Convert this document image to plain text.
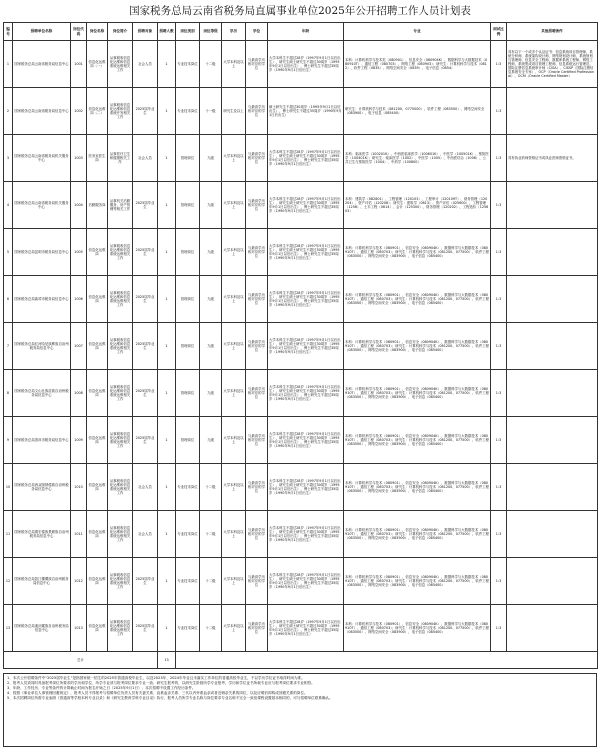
国家税务总局云南省税务局直属事业单位2025年公开招聘工作人员计划表
编号	招聘单位名称	岗位代码	岗位名称	岗位简介	招聘对象	招聘人数	岗位类别	岗位等级	学历	学位	年龄	专业	面试比例	其他招聘条件
1	国家税务总局云南省税务局信息中心	1001	信息化运维岗（一）	从事税收信息化运维和信息系统运维相关工作	社会人员	1	专业技术岗位	十二级	大学本科及以上	与最高学历相对应的学位	大学本科生不超过28岁（1997年9月1日以后出生），研究生硕士研究生不超过30周岁（1995年9月1日以后出生），博士研究生不超过35周岁（1990年9月1日后出生）	本科：计算机科学与技术类（080901）、信息安全（080904K）、数据科学与大数据技术（080910T）、通信工程（080703）、网络工程（080903）；研究生：计算机科学与技术（0812）、软件工程（0835）、网络空间安全（0839）、电子信息（0854）	1:3	具有以下一个或多个认证证书：信息系统项目管理师、系统分析师、系统架构设计师、网络规划设计师、系统规划与管理师、信息安全工程师、数据库系统工程师、网络工程师、系统集成项目管理工程师、信息系统运行管理员、国际注册信息系统审计师（CISA）、CISSP（国际注册信息系统安全专家）、OCP（Oracle Certified Professional）、OCM（Oracle Certified Master）
2	国家税务总局云南省税务局信息中心	1002	信息化运维岗（二）	从事税收信息化运维和信息系统开发相关工作	2025届毕业生	1	专业技术岗位	十一级	研究生及以上	与最高学历相对应的学位	硕士研究生不超过30周岁（1995年9月1日以后出生），博士研究生不超过35周岁（1990年9月1日后出生）	研究生：计算机科学与技术（081200、0775000）、软件工程（083500）、网络空间安全（083900）、电子信息（085400）	1:3	
3	国家税务总局云南省税务局机关服务中心	1003	医务室医生岗	从事医疗卫生和健康相关工作	社会人员	1	管理岗位	九级	大学本科及以上	与最高学历相对应的学位	大学本科生不超过28岁（1997年9月1日以后出生），研究生硕士研究生不超过30周岁（1995年9月1日以后出生），博士研究生不超过35周岁（1990年9月1日后出生）	本科：临床医学（100201K）、中西医临床医学（100601K）、中医学（100501K）、预防医学（100401K）；研究生：临床医学（1002）、中医学（1005）、中西医结合（1006）、公共卫生与预防医学（1004）、中药学（100800）	1:3	具有执业药师资格证书或执业医师资格证书。
4	国家税务总局云南省税务局机关服务中心	1004	后勤服务岗	从事机关后勤服务、房产管理等相关工作	2025届毕业生	1	管理岗位	九级	大学本科及以上	与最高学历相对应的学位	大学本科生不超过28岁（1997年9月1日以后出生），研究生硕士研究生不超过30周岁（1995年9月1日以后出生），博士研究生不超过35周岁（1990年9月1日后出生）	本科：建筑学（082801）、工程管理（120103）、工程审计（120109T）、财务管理（120204）、资产评估（120208）；研究生：建筑学（0813）、资产评估（025600）、工程管理（1256）、土木工程（0814）、会计（125300）、财务管理（120202）、工程造价（125603）	1:3	
5	国家税务总局昆明市税务局信息中心	1005	信息化运维岗	从事税收信息化运维和信息系统运维相关工作	2025届毕业生	1	管理岗位	九级	大学本科及以上	与最高学历相对应的学位	大学本科生不超过28岁（1997年9月1日以后出生），研究生硕士研究生不超过30周岁（1995年9月1日以后出生），博士研究生不超过35周岁（1990年9月1日后出生）	本科：计算机科学与技术（080901）、信息安全（080904K）、数据科学与大数据技术（080910T）、通信工程（080703）；研究生：计算机科学与技术（081200、077500）、软件工程（083500）、网络空间安全（083900）、电子信息（085400）	1:3	
6	国家税务总局曲靖市税务局信息中心	1006	信息化运维岗	从事税收信息化运维和信息系统运维相关工作	2025届毕业生	1	管理岗位	九级	大学本科及以上	与最高学历相对应的学位	大学本科生不超过28岁（1997年9月1日以后出生），研究生硕士研究生不超过30周岁（1995年9月1日以后出生），博士研究生不超过35周岁（1990年9月1日后出生）	本科：计算机科学与技术（080901）、信息安全（080904K）、数据科学与大数据技术（080910T）、通信工程（080703）；研究生：计算机科学与技术（081200、077500）、软件工程（083500）、网络空间安全（083900）、电子信息（085400）	1:3	
7	国家税务总局红河哈尼族彝族自治州税务局信息中心	1007	信息化运维岗	从事税收信息化运维和信息系统运维相关工作	2025届毕业生	1	管理岗位	九级	大学本科及以上	与最高学历相对应的学位	大学本科生不超过28岁（1997年9月1日以后出生），研究生硕士研究生不超过30周岁（1995年9月1日以后出生），博士研究生不超过35周岁（1990年9月1日后出生）	本科：计算机科学与技术（080901）、信息安全（080904K）、数据科学与大数据技术（080910T）、通信工程（080703）；研究生：计算机科学与技术（081200、077500）、软件工程（083500）、网络空间安全（083900）、电子信息（085400）	1:3	
8	国家税务总局文山壮族苗族自治州税务局信息中心	1008	信息化运维岗	从事税收信息化运维和信息系统运维相关工作	2025届毕业生	1	管理岗位	九级	大学本科及以上	与最高学历相对应的学位	大学本科生不超过28岁（1997年9月1日以后出生），研究生硕士研究生不超过30周岁（1995年9月1日以后出生），博士研究生不超过35周岁（1990年9月1日后出生）	本科：计算机科学与技术（080901）、信息安全（080904K）、数据科学与大数据技术（080910T）、通信工程（080703）；研究生：计算机科学与技术（081200、077500）、软件工程（083500）、网络空间安全（083900）、电子信息（085400）	1:3	
9	国家税务总局普洱市税务局信息中心	1009	信息化运维岗	从事税收信息化运维和信息系统运维相关工作	2025届毕业生	1	管理岗位	九级	大学本科及以上	与最高学历相对应的学位	大学本科生不超过28岁（1997年9月1日以后出生），研究生硕士研究生不超过30周岁（1995年9月1日以后出生），博士研究生不超过35周岁（1990年9月1日后出生）	本科：计算机科学与技术（080901）、信息安全（080904K）、数据科学与大数据技术（080910T）、通信工程（080703）；研究生：计算机科学与技术（081200、077500）、软件工程（083500）、网络空间安全（083900）、电子信息（085400）	1:3	
10	国家税务总局西双版纳傣族自治州税务局信息中心	1010	信息化运维岗	从事税收信息化运维和信息系统运维相关工作	社会人员	1	专业技术岗位	十二级	大学本科及以上	与最高学历相对应的学位	大学本科生不超过28岁（1997年9月1日以后出生），研究生硕士研究生不超过30周岁（1995年9月1日以后出生），博士研究生不超过35周岁（1990年9月1日后出生）	本科：计算机科学与技术（080901）、信息安全（080904K）、数据科学与大数据技术（080910T）、通信工程（080703）；研究生：计算机科学与技术（081200、077500）、软件工程（083500）、网络空间安全（083900）、电子信息（085400）	1:3	
11	国家税务总局德宏傣族景颇族自治州税务局信息中心	1011	信息化运维岗	从事税收信息化运维和信息系统运维相关工作	社会人员	1	专业技术岗位	十二级	大学本科及以上	与最高学历相对应的学位	大学本科生不超过28岁（1997年9月1日以后出生），研究生硕士研究生不超过30周岁（1995年9月1日以后出生），博士研究生不超过35周岁（1990年9月1日后出生）	本科：计算机科学与技术（080901）、信息安全（080904K）、数据科学与大数据技术（080910T）、通信工程（080703）；研究生：计算机科学与技术（081200、077500）、软件工程（083500）、网络空间安全（083900）、电子信息（085400）	1:3	
12	国家税务总局怒江傈僳族自治州税务局信息中心	1012	信息化运维岗	从事税收信息化运维和信息系统运维相关工作	2025届毕业生	1	专业技术岗位	十二级	大学本科及以上	与最高学历相对应的学位	大学本科生不超过28岁（1997年9月1日以后出生），研究生硕士研究生不超过30周岁（1995年9月1日以后出生），博士研究生不超过35周岁（1990年9月1日后出生）	本科：计算机科学与技术（080901）、信息安全（080904K）、数据科学与大数据技术（080910T）、通信工程（080703）；研究生：计算机科学与技术（081200、077500）、软件工程（083500）、网络空间安全（083900）、电子信息（085400）	1:3	
13	国家税务总局迪庆藏族自治州税务局信息中心	1013	信息化运维岗	从事税收信息化运维和信息系统运维相关工作	2025届毕业生	1	专业技术岗位	十二级	大学本科及以上	与最高学历相对应的学位	大学本科生不超过28岁（1997年9月1日以后出生），研究生硕士研究生不超过30周岁（1995年9月1日以后出生），博士研究生不超过35周岁（1990年9月1日后出生）	本科：计算机科学与技术（080901）、信息安全（080904K）、数据科学与大数据技术（080910T）、通信工程（080703）；研究生：计算机科学与技术（081200、077500）、软件工程（083500）、网络空间安全（083900）、电子信息（085400）	1:3	
总计						13								
1、本次公开招聘条件中“2025届毕业生”是指国家统一招生的2025年普通高校毕业生，以及2023年、2024年毕业且未落实工作单位的普通高校毕业生，不以学历学位证书取得时间为准。
2、报考人员须同时具备报考岗位所要求的学历和学位，所学专业须与报考岗位要求专业一致；研究生报考的，以研究生阶段所学专业报考，学历和学位证书所载专业应与报考岗位要求专业相符。
3、年龄、工作经历、专业等条件的计算截止时间为报名开始之日（2025年9月1日）；本次招聘不设置工作经历条件。
4、按照《事业单位人事管理回避规定》，报考人员不得报考与招聘单位负责人员有夫妻关系、直系血亲关系、三代以内旁系血亲或者近姻亲关系的岗位，以及应聘后即构成回避关系的岗位。
5、本次招聘岗位所需专业参照《普通高等学校本科专业目录》和《研究生教育学科专业目录》执行，报考人员所学专业名称与岗位要求专业名称不完全一致但课程设置基本相同的，可与招聘单位联系确认。
